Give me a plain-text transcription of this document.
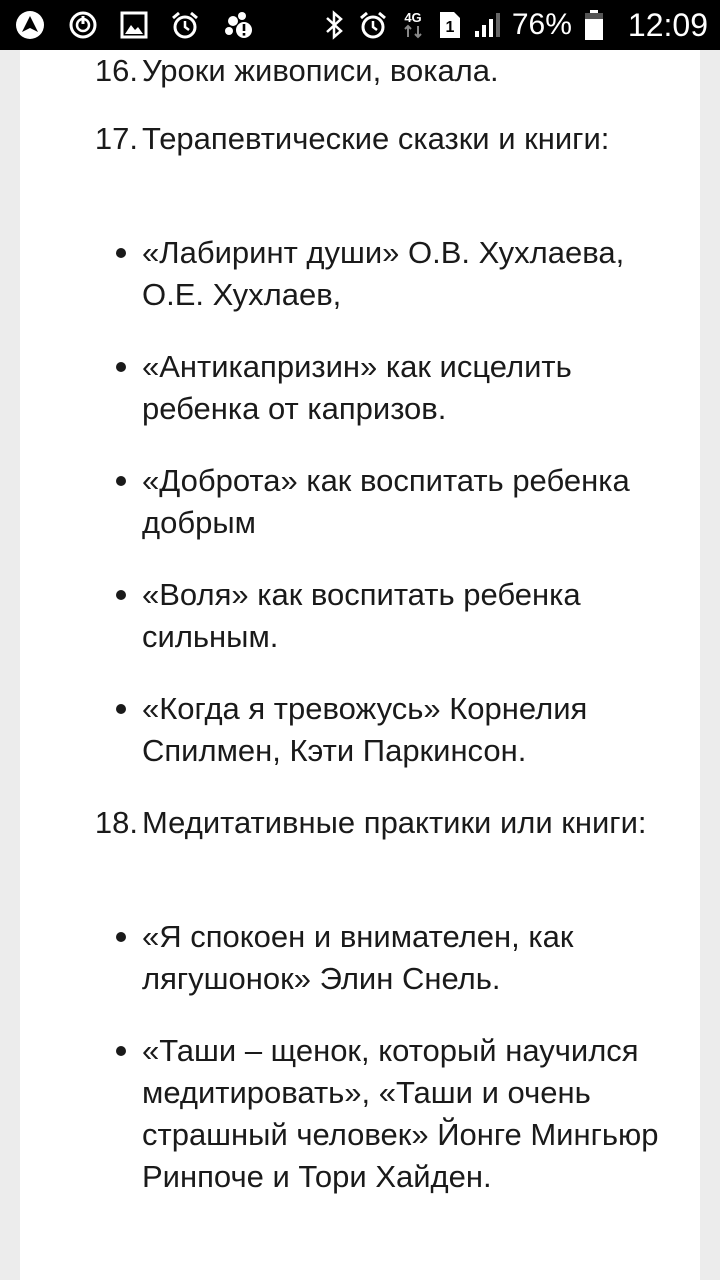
4G
1 76% 12:09
16. Уроки живописи, вокала.
17. Терапевтические сказки и книги:
«Лабиринт души» О.В. Хухлаева, О.Е. Хухлаев,
«Антикапризин» как исцелить ребенка от капризов.
«Доброта» как воспитать ребенка добрым
«Воля» как воспитать ребенка сильным.
«Когда я тревожусь» Корнелия Спилмен, Кэти Паркинсон.
18. Медитативные практики или книги:
«Я спокоен и внимателен, как лягушонок» Элин Снель.
«Таши – щенок, который научился медитировать», «Таши и очень страшный человек» Йонге Мингьюр Ринпоче и Тори Хайден.
